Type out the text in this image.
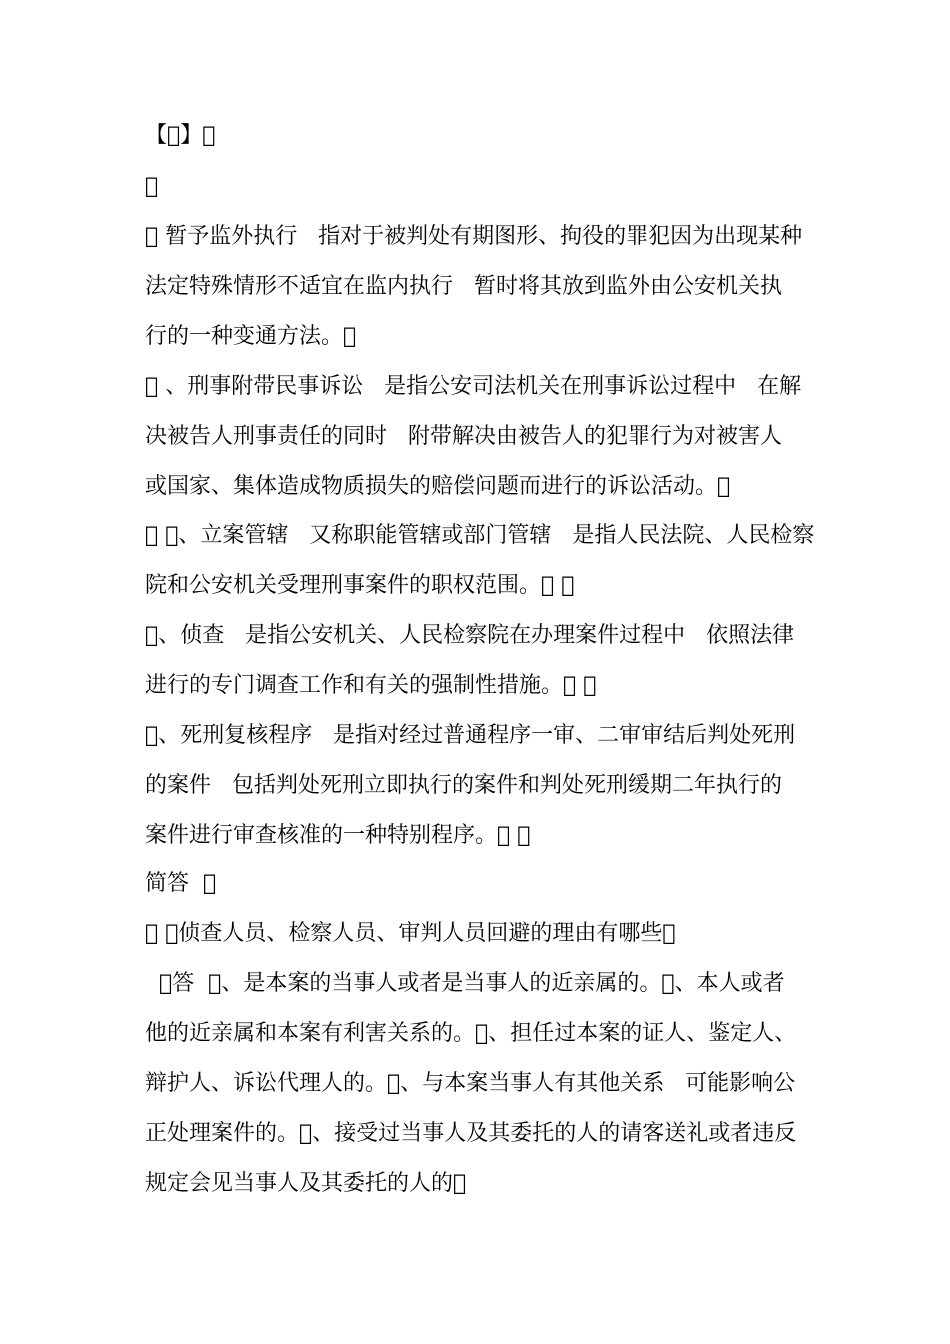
【 】

暂予监外执行   指对于被判处有期图形、拘役的罪犯因为出现某种
法定特殊情形不适宜在监内执行   暂时将其放到监外由公安机关执
行的一种变通方法。
、刑事附带民事诉讼   是指公安司法机关在刑事诉讼过程中   在解
决被告人刑事责任的同时   附带解决由被告人的犯罪行为对被害人
或国家、集体造成物质损失的赔偿问题而进行的诉讼活动。
、立案管辖   又称职能管辖或部门管辖   是指人民法院、人民检察
院和公安机关受理刑事案件的职权范围。
、侦查   是指公安机关、人民检察院在办理案件过程中   依照法律
进行的专门调查工作和有关的强制性措施。
、死刑复核程序   是指对经过普通程序一审、二审审结后判处死刑
的案件   包括判处死刑立即执行的案件和判处死刑缓期二年执行的
案件进行审查核准的一种特别程序。
简答
侦查人员、检察人员、审判人员回避的理由有哪些
答   、是本案的当事人或者是当事人的近亲属的。 、本人或者
他的近亲属和本案有利害关系的。 、担任过本案的证人、鉴定人、
辩护人、诉讼代理人的。 、与本案当事人有其他关系   可能影响公
正处理案件的。 、接受过当事人及其委托的人的请客送礼或者违反
规定会见当事人及其委托的人的
